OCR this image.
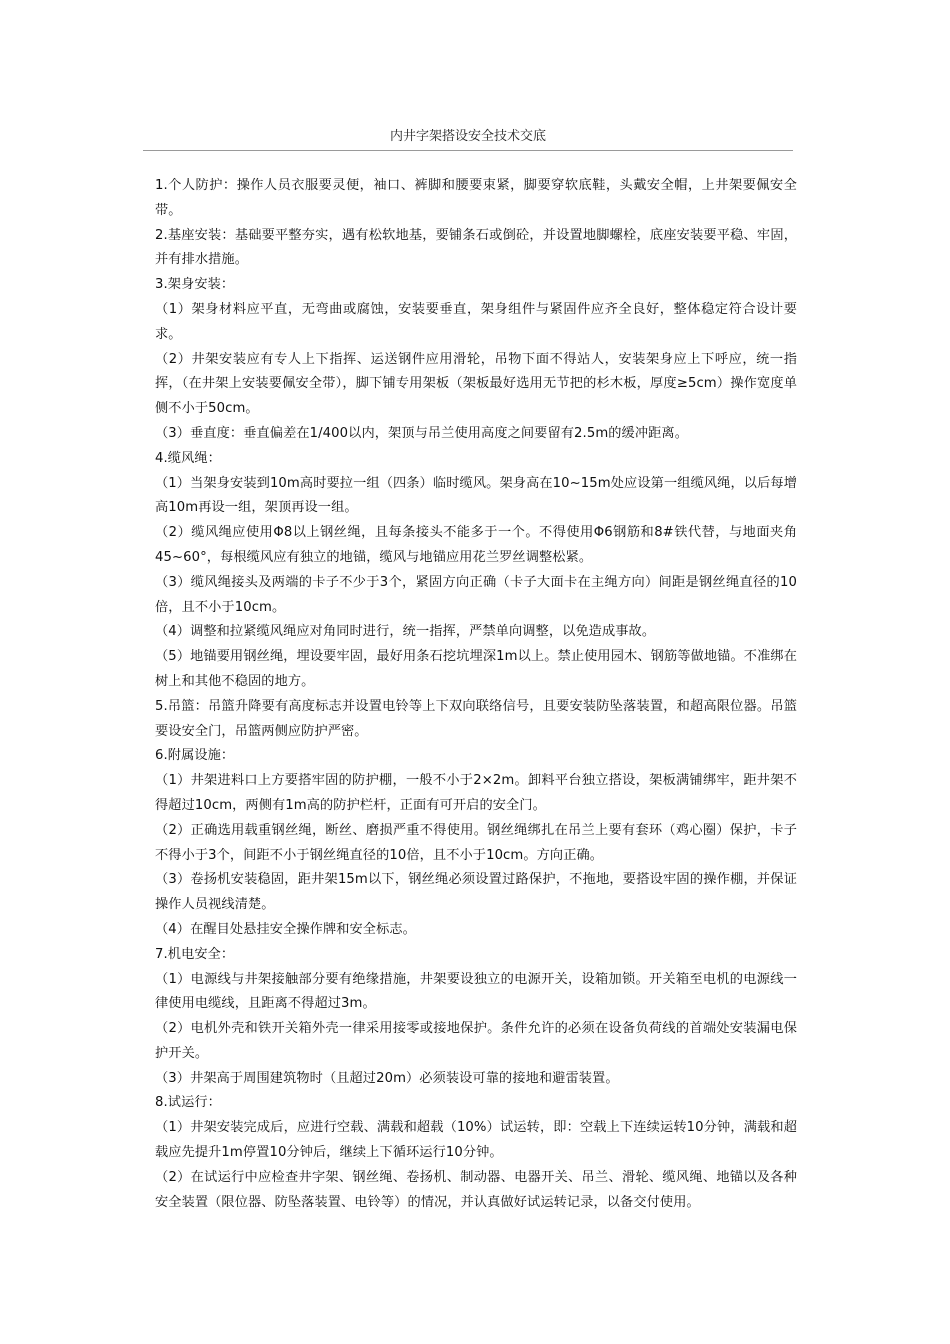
内井字架搭设安全技术交底

1.个人防护：操作人员衣服要灵便，袖口、裤脚和腰要束紧，脚要穿软底鞋，头戴安全帽，上井架要佩安全带。

2.基座安装：基础要平整夯实，遇有松软地基，要铺条石或倒砼，并设置地脚螺栓，底座安装要平稳、牢固，并有排水措施。

3.架身安装：

（1）架身材料应平直，无弯曲或腐蚀，安装要垂直，架身组件与紧固件应齐全良好，整体稳定符合设计要求。

（2）井架安装应有专人上下指挥、运送钢件应用滑轮，吊物下面不得站人，安装架身应上下呼应，统一指挥，（在井架上安装要佩安全带），脚下铺专用架板（架板最好选用无节把的杉木板，厚度≥5cm）操作宽度单侧不小于50cm。

（3）垂直度：垂直偏差在1/400以内，架顶与吊兰使用高度之间要留有2.5m的缓冲距离。

4.缆风绳：

（1）当架身安装到10m高时要拉一组（四条）临时缆风。架身高在10~15m处应设第一组缆风绳，以后每增高10m再设一组，架顶再设一组。

（2）缆风绳应使用Φ8以上钢丝绳，且每条接头不能多于一个。不得使用Φ6钢筋和8#铁代替，与地面夹角45~60°，每根缆风应有独立的地锚，缆风与地锚应用花兰罗丝调整松紧。

（3）缆风绳接头及两端的卡子不少于3个，紧固方向正确（卡子大面卡在主绳方向）间距是钢丝绳直径的10倍，且不小于10cm。

（4）调整和拉紧缆风绳应对角同时进行，统一指挥，严禁单向调整，以免造成事故。

（5）地锚要用钢丝绳，埋设要牢固，最好用条石挖坑埋深1m以上。禁止使用园木、钢筋等做地锚。不准绑在树上和其他不稳固的地方。

5.吊篮：吊篮升降要有高度标志并设置电铃等上下双向联络信号，且要安装防坠落装置，和超高限位器。吊篮要设安全门，吊篮两侧应防护严密。

6.附属设施：

（1）井架进料口上方要搭牢固的防护棚，一般不小于2×2m。卸料平台独立搭设，架板满铺绑牢，距井架不得超过10cm，两侧有1m高的防护栏杆，正面有可开启的安全门。

（2）正确选用载重钢丝绳，断丝、磨损严重不得使用。钢丝绳绑扎在吊兰上要有套环（鸡心圈）保护，卡子不得小于3个，间距不小于钢丝绳直径的10倍，且不小于10cm。方向正确。

（3）卷扬机安装稳固，距井架15m以下，钢丝绳必须设置过路保护，不拖地，要搭设牢固的操作棚，并保证操作人员视线清楚。

（4）在醒目处悬挂安全操作牌和安全标志。

7.机电安全：

（1）电源线与井架接触部分要有绝缘措施，井架要设独立的电源开关，设箱加锁。开关箱至电机的电源线一律使用电缆线，且距离不得超过3m。

（2）电机外壳和铁开关箱外壳一律采用接零或接地保护。条件允许的必须在设备负荷线的首端处安装漏电保护开关。

（3）井架高于周围建筑物时（且超过20m）必须装设可靠的接地和避雷装置。

8.试运行：

（1）井架安装完成后，应进行空载、满载和超载（10%）试运转，即：空载上下连续运转10分钟，满载和超载应先提升1m停置10分钟后，继续上下循环运行10分钟。

（2）在试运行中应检查井字架、钢丝绳、卷扬机、制动器、电器开关、吊兰、滑轮、缆风绳、地锚以及各种安全装置（限位器、防坠落装置、电铃等）的情况，并认真做好试运转记录，以备交付使用。
